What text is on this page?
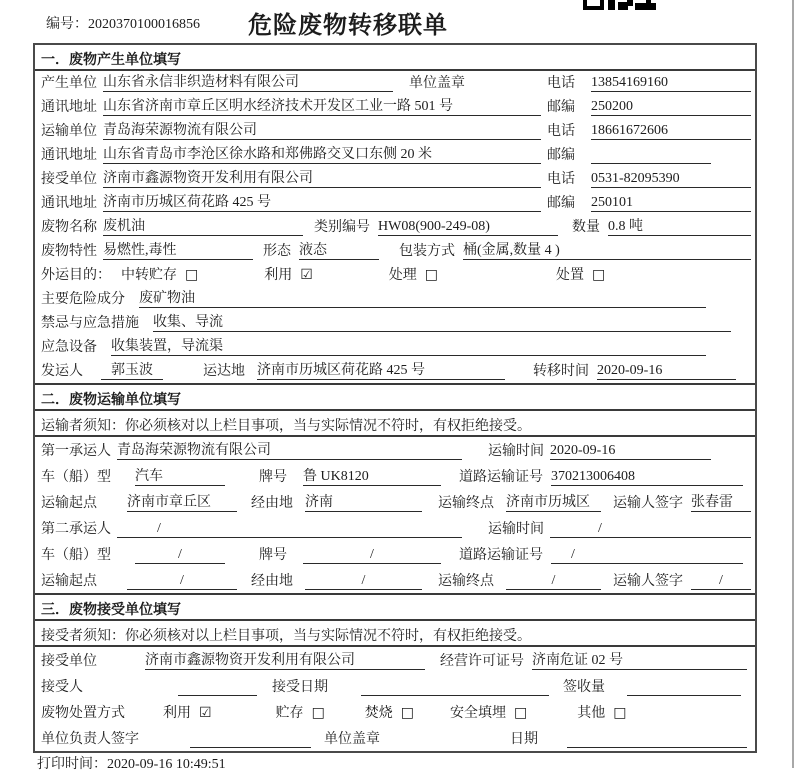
编号：2020370100016856	危险废物转移联单
一．废物产生单位填写
产生单位 山东省永信非织造材料有限公司	单位盖章	电话	13854169160
通讯地址 山东省济南市章丘区明水经济技术开发区工业一路 501 号	邮编	250200
运输单位 青岛海荣源物流有限公司	电话	18661672606
通讯地址 山东省青岛市李沧区徐水路和郑佛路交叉口东侧 20 米	邮编
接受单位 济南市鑫源物资开发利用有限公司	电话	0531-82095390
通讯地址 济南市历城区荷花路 425 号	邮编	250101
废物名称 废机油	类别编号 HW08(900-249-08)	数量 0.8 吨
废物特性 易燃性,毒性	形态 液态	包装方式 桶(金属,数量 4 )
外运目的： 中转贮存 □	利用 ☑	处理 □	处置 □
主要危险成分 废矿物油
禁忌与应急措施 收集、导流
应急设备 收集装置，导流渠
发运人	郭玉波	运达地 济南市历城区荷花路 425 号	转移时间 2020-09-16
二．废物运输单位填写
运输者须知：你必须核对以上栏目事项，当与实际情况不符时，有权拒绝接受。
第一承运人 青岛海荣源物流有限公司	运输时间 2020-09-16
车（船）型 汽车	牌号 鲁 UK8120	道路运输证号 370213006408
运输起点 济南市章丘区	经由地 济南	运输终点 济南市历城区	运输人签字 张春雷
第二承运人	/	运输时间	/
车（船）型	/	牌号	/	道路运输证号	/
运输起点	/	经由地	/	运输终点	/	运输人签字	/
三．废物接受单位填写
接受者须知：你必须核对以上栏目事项，当与实际情况不符时，有权拒绝接受。
接受单位	济南市鑫源物资开发利用有限公司	经营许可证号 济南危证 02 号
接受人	接受日期	签收量
废物处置方式	利用 ☑	贮存 □	焚烧 □	安全填埋 □	其他 □
单位负责人签字	单位盖章	日期
打印时间：2020-09-16 10:49:51
